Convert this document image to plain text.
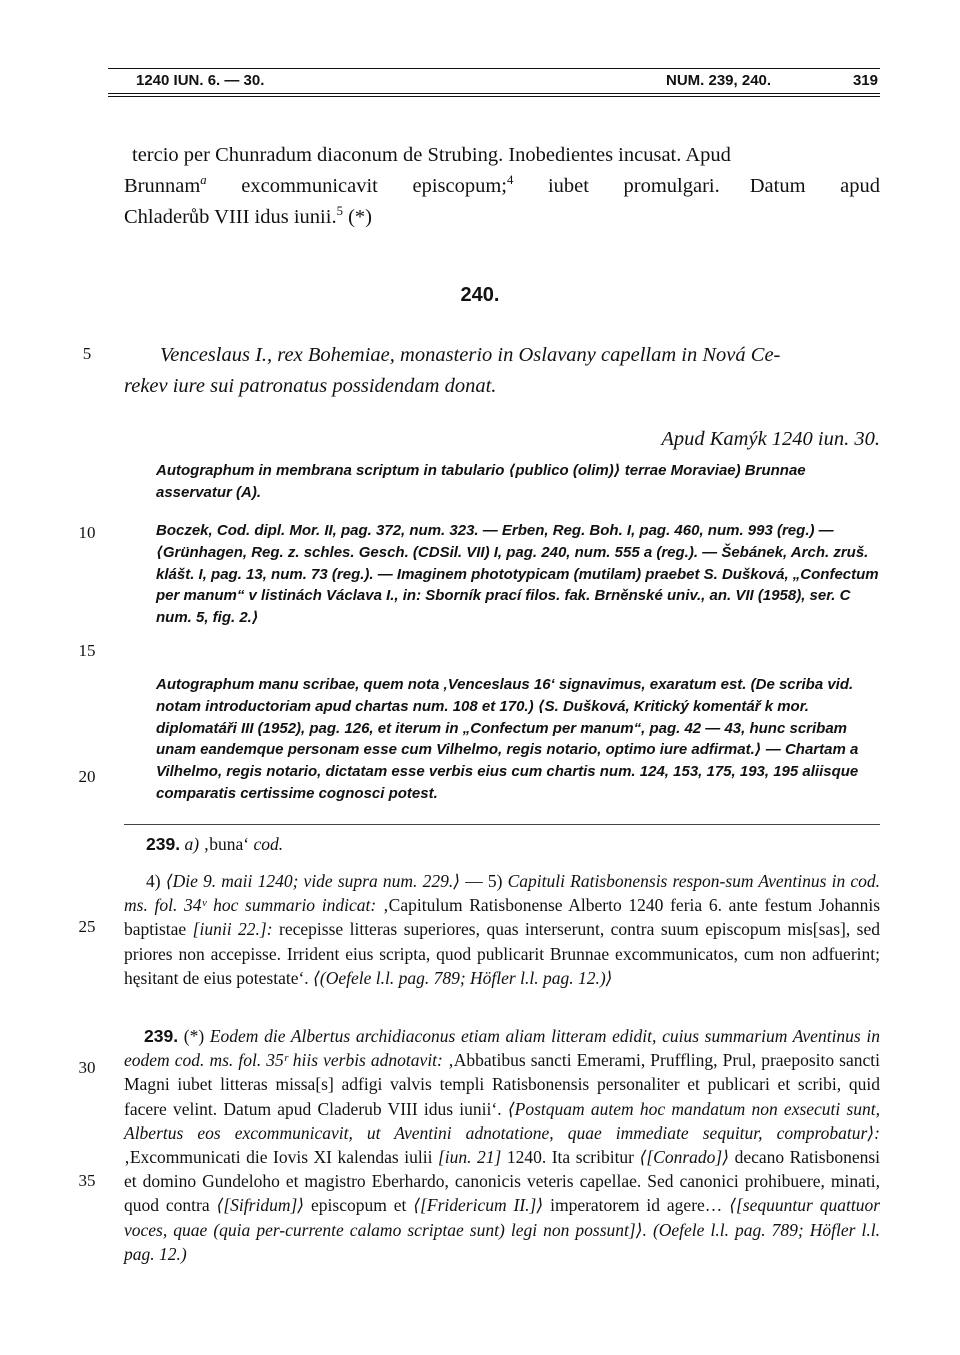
1240 IUN. 6. — 30.	NUM. 239, 240.	319

tercio per Chunradum diaconum de Strubing. Inobedientes incusat. Apud

Brunnam$^a$ excommunicavit episcopum;$^4$ iubet promulgari. Datum apud

Chladerůb VIII idus iunii.$^5$ (*)

240.
Venceslaus I., rex Bohemiae, monasterio in Oslavany capellam in Nová Ce-
rekev iure sui patronatus possidendam donat.
Apud Kamýk 1240 iun. 30.
Autographum in membrana scriptum in tabulario ⟨publico (olim)⟩ terrae Moraviae) Brunnae asservatur (A).
Boczek, Cod. dipl. Mor. II, pag. 372, num. 323. — Erben, Reg. Boh. I, pag. 460, num. 993 (reg.) — ⟨Grünhagen, Reg. z. schles. Gesch. (CDSil. VII) I, pag. 240, num. 555 a (reg.). — Šebánek, Arch. zruš. klášt. I, pag. 13, num. 73 (reg.). — Imaginem phototypicam (mutilam) praebet S. Dušková, „Confectum per manum“ v listinách Václava I., in: Sborník prací filos. fak. Brněnské univ., an. VII (1958), ser. C num. 5, fig. 2.⟩
Autographum manu scribae, quem nota ‚Venceslaus 16‘ signavimus, exaratum est. (De scriba vid. notam introductoriam apud chartas num. 108 et 170.) ⟨S. Dušková, Kritický komentář k mor. diplomatáři III (1952), pag. 126, et iterum in „Confectum per manum“, pag. 42 — 43, hunc scribam unam eandemque personam esse cum Vilhelmo, regis notario, optimo iure adfirmat.⟩ — Chartam a Vilhelmo, regis notario, dictatam esse verbis eius cum chartis num. 124, 153, 175, 193, 195 aliisque comparatis certissime cognosci potest.
239. a) ‚buna‘ cod.
4) ⟨Die 9. maii 1240; vide supra num. 229.⟩ — 5) Capituli Ratisbonensis respon-sum Aventinus in cod. ms. fol. 34ᵛ hoc summario indicat: ‚Capitulum Ratisbonense Alberto 1240 feria 6. ante festum Johannis baptistae [iunii 22.]: recepisse litteras superiores, quas interserunt, contra suum episcopum mis[sas], sed priores non accepisse. Irrident eius scripta, quod publicarit Brunnae excommunicatos, cum non adfuerint; hęsitant de eius potestate‘. ⟨(Oefele l.l. pag. 789; Höfler l.l. pag. 12.)⟩
239. (*) Eodem die Albertus archidiaconus etiam aliam litteram edidit, cuius summarium Aventinus in eodem cod. ms. fol. 35ʳ hiis verbis adnotavit: ‚Abbatibus sancti Emerami, Pruffling, Prul, praeposito sancti Magni iubet litteras missa[s] adfigi valvis templi Ratisbonensis personaliter et publicari et scribi, quid facere velint. Datum apud Claderub VIII idus iunii‘. ⟨Postquam autem hoc mandatum non exsecuti sunt, Albertus eos excommunicavit, ut Aventini adnotatione, quae immediate sequitur, comprobatur⟩: ‚Excommunicati die Iovis XI kalendas iulii [iun. 21] 1240. Ita scribitur ⟨[Conrado]⟩ decano Ratisbonensi et domino Gundeloho et magistro Eberhardo, canonicis veteris capellae. Sed canonici prohibuere, minati, quod contra ⟨[Sifridum]⟩ episcopum et ⟨[Fridericum II.]⟩ imperatorem id agere… ⟨[sequuntur quattuor voces, quae (quia per-currente calamo scriptae sunt) legi non possunt]⟩. (Oefele l.l. pag. 789; Höfler l.l. pag. 12.)
5
10
15
20
25
30
35
